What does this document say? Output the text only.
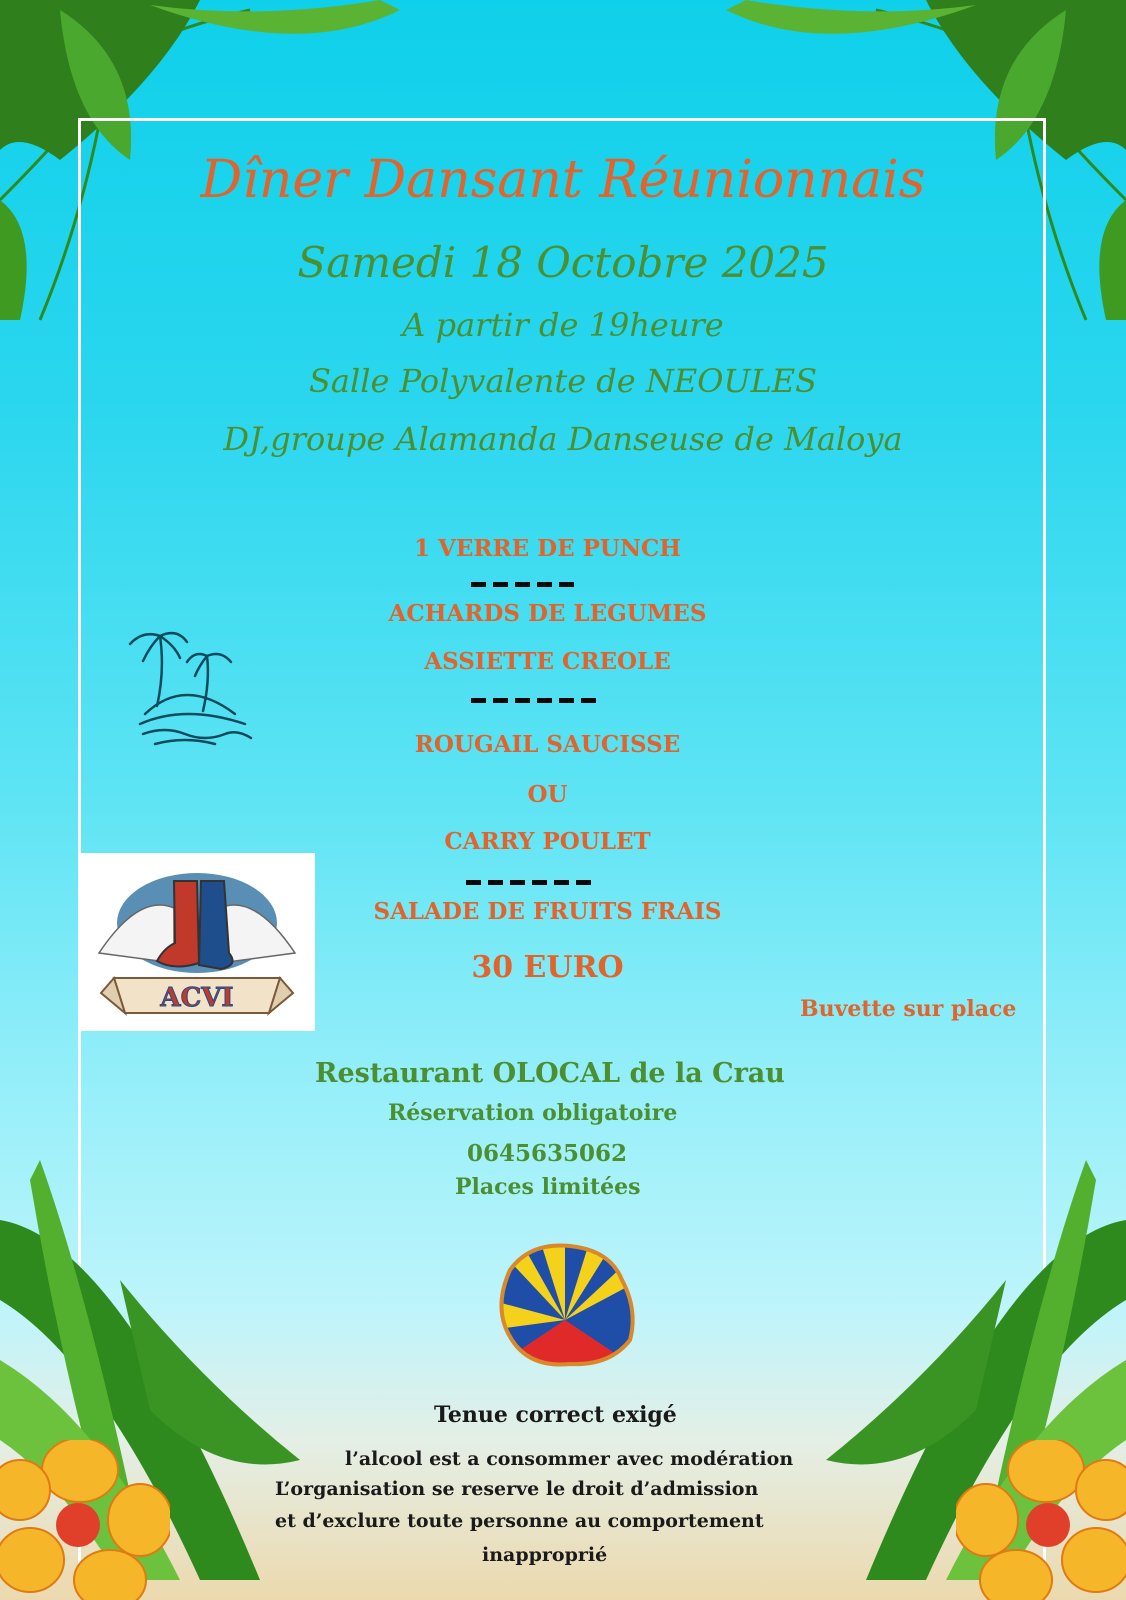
Dîner Dansant Réunionnais
Samedi 18 Octobre 2025
A partir de 19heure
Salle Polyvalente de NEOULES
DJ,groupe Alamanda Danseuse de Maloya
1 VERRE DE PUNCH
ACHARDS DE LEGUMES
ASSIETTE CREOLE
ROUGAIL SAUCISSE
OU
CARRY POULET
SALADE DE FRUITS FRAIS
30 EURO
ACVI	Buvette sur place
Restaurant OLOCAL de la Crau
Réservation obligatoire
0645635062
Places limitées
Tenue correct exigé
l’alcool est a consommer avec modération
L’organisation se reserve le droit d’admission
et d’exclure toute personne au comportement
inapproprié
